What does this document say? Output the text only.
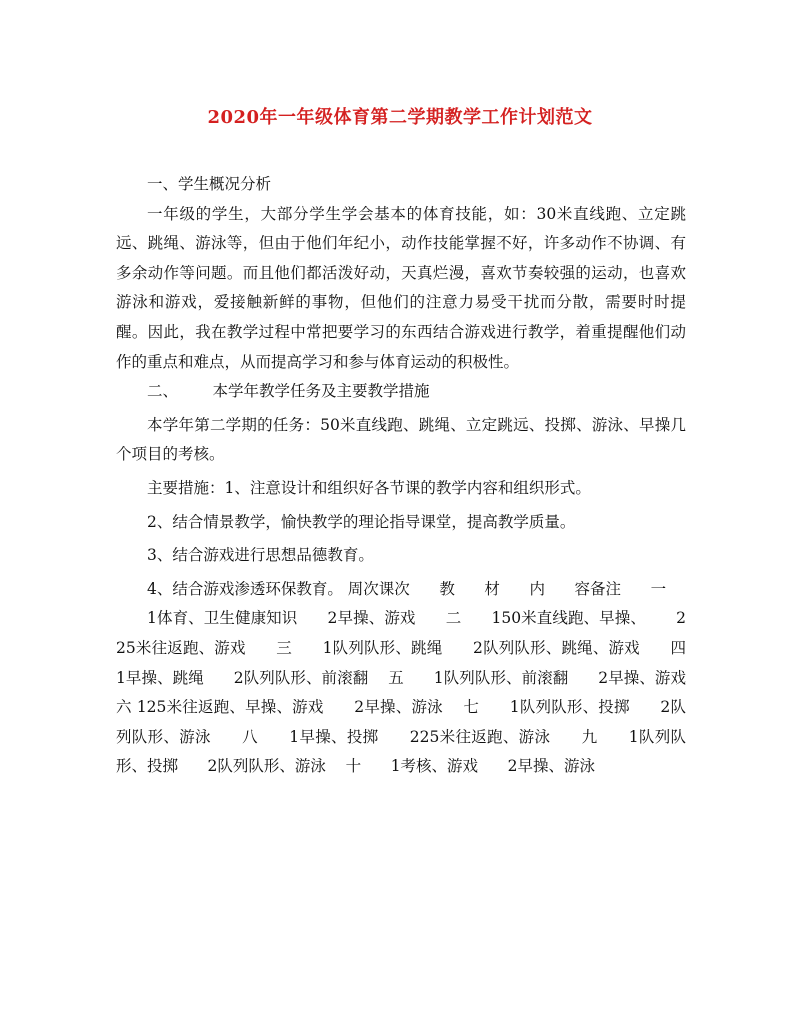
2020年一年级体育第二学期教学工作计划范文

一、学生概况分析

一年级的学生，大部分学生学会基本的体育技能，如：30米直线跑、立定跳远、跳绳、游泳等，但由于他们年纪小，动作技能掌握不好，许多动作不协调、有多余动作等问题。而且他们都活泼好动，天真烂漫，喜欢节奏较强的运动，也喜欢游泳和游戏，爱接触新鲜的事物，但他们的注意力易受干扰而分散，需要时时提醒。因此，我在教学过程中常把要学习的东西结合游戏进行教学，着重提醒他们动作的重点和难点，从而提高学习和参与体育运动的积极性。

二、       本学年教学任务及主要教学措施

本学年第二学期的任务：50米直线跑、跳绳、立定跳远、投掷、游泳、早操几个项目的考核。

主要措施：1、注意设计和组织好各节课的教学内容和组织形式。

2、结合情景教学，愉快教学的理论指导课堂，提高教学质量。

3、结合游戏进行思想品德教育。

4、结合游戏渗透环保教育。 周次课次      教      材      内      容备注      一

1体育、卫生健康知识      2早操、游戏      二      150米直线跑、早操、      225米往返跑、游戏      三      1队列队形、跳绳      2队列队形、跳绳、游戏      四      1早操、跳绳      2队列队形、前滚翻    五      1队列队形、前滚翻      2早操、游戏    六 125米往返跑、早操、游戏      2早操、游泳    七      1队列队形、投掷      2队列队形、游泳      八      1早操、投掷      225米往返跑、游泳      九      1队列队形、投掷      2队列队形、游泳    十      1考核、游戏      2早操、游泳
